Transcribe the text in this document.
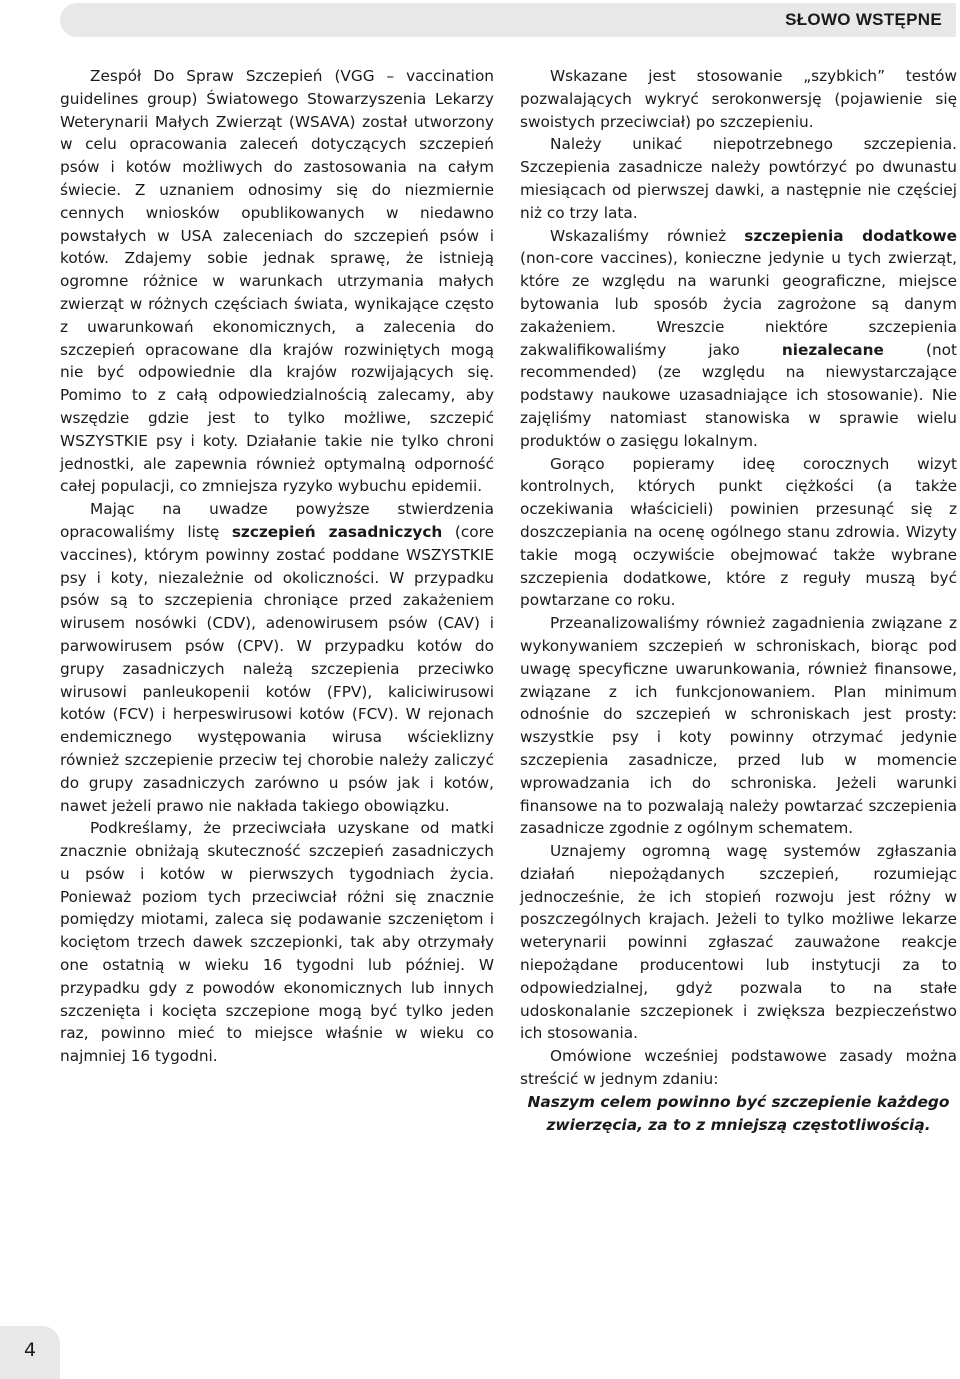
SŁOWO WSTĘPNE

Zespół Do Spraw Szczepień (VGG – vaccination guidelines group) Światowego Stowarzyszenia Lekarzy Weterynarii Małych Zwierząt (WSAVA) został utworzony w celu opracowania zaleceń dotyczących szczepień psów i kotów możliwych do zastosowania na całym świecie. Z uznaniem odnosimy się do niezmiernie cennych wniosków opublikowanych w niedawno powstałych w USA zaleceniach do szczepień psów i kotów. Zdajemy sobie jednak sprawę, że istnieją ogromne różnice w warunkach utrzymania małych zwierząt w różnych częściach świata, wynikające często z uwarunkowań ekonomicznych, a zalecenia do szczepień opracowane dla krajów rozwiniętych mogą nie być odpowiednie dla krajów rozwijających się. Pomimo to z całą odpowiedzialnością zalecamy, aby wszędzie gdzie jest to tylko możliwe, szczepić WSZYSTKIE psy i koty. Działanie takie nie tylko chroni jednostki, ale zapewnia również optymalną odporność całej populacji, co zmniejsza ryzyko wybuchu epidemii.

Mając na uwadze powyższe stwierdzenia opracowaliśmy listę szczepień zasadniczych (core vaccines), którym powinny zostać poddane WSZYSTKIE psy i koty, niezależnie od okoliczności. W przypadku psów są to szczepienia chroniące przed zakażeniem wirusem nosówki (CDV), adenowirusem psów (CAV) i parwowirusem psów (CPV). W przypadku kotów do grupy zasadniczych należą szczepienia przeciwko wirusowi panleukopenii kotów (FPV), kaliciwirusowi kotów (FCV) i herpeswirusowi kotów (FCV). W rejonach endemicznego występowania wirusa wścieklizny również szczepienie przeciw tej chorobie należy zaliczyć do grupy zasadniczych zarówno u psów jak i kotów, nawet jeżeli prawo nie nakłada takiego obowiązku.

Podkreślamy, że przeciwciała uzyskane od matki znacznie obniżają skuteczność szczepień zasadniczych u psów i kotów w pierwszych tygodniach życia. Ponieważ poziom tych przeciwciał różni się znacznie pomiędzy miotami, zaleca się podawanie szczeniętom i kociętom trzech dawek szczepionki, tak aby otrzymały one ostatnią w wieku 16 tygodni lub później. W przypadku gdy z powodów ekonomicznych lub innych szczenięta i kocięta szczepione mogą być tylko jeden raz, powinno mieć to miejsce właśnie w wieku co najmniej 16 tygodni.

Wskazane jest stosowanie „szybkich” testów pozwalających wykryć serokonwersję (pojawienie się swoistych przeciwciał) po szczepieniu.

Należy unikać niepotrzebnego szczepienia. Szczepienia zasadnicze należy powtórzyć po dwunastu miesiącach od pierwszej dawki, a następnie nie częściej niż co trzy lata.

Wskazaliśmy również szczepienia dodatkowe (non-core vaccines), konieczne jedynie u tych zwierząt, które ze względu na warunki geograficzne, miejsce bytowania lub sposób życia zagrożone są danym zakażeniem. Wreszcie niektóre szczepienia zakwalifikowaliśmy jako niezalecane (not recommended) (ze względu na niewystarczające podstawy naukowe uzasadniające ich stosowanie). Nie zajęliśmy natomiast stanowiska w sprawie wielu produktów o zasięgu lokalnym.

Gorąco popieramy ideę corocznych wizyt kontrolnych, których punkt ciężkości (a także oczekiwania właścicieli) powinien przesunąć się z doszczepiania na ocenę ogólnego stanu zdrowia. Wizyty takie mogą oczywiście obejmować także wybrane szczepienia dodatkowe, które z reguły muszą być powtarzane co roku.

Przeanalizowaliśmy również zagadnienia związane z wykonywaniem szczepień w schroniskach, biorąc pod uwagę specyficzne uwarunkowania, również finansowe, związane z ich funkcjonowaniem. Plan minimum odnośnie do szczepień w schroniskach jest prosty: wszystkie psy i koty powinny otrzymać jedynie szczepienia zasadnicze, przed lub w momencie wprowadzania ich do schroniska. Jeżeli warunki finansowe na to pozwalają należy powtarzać szczepienia zasadnicze zgodnie z ogólnym schematem.

Uznajemy ogromną wagę systemów zgłaszania działań niepożądanych szczepień, rozumiejąc jednocześnie, że ich stopień rozwoju jest różny w poszczególnych krajach. Jeżeli to tylko możliwe lekarze weterynarii powinni zgłaszać zauważone reakcje niepożądane producentowi lub instytucji za to odpowiedzialnej, gdyż pozwala to na stałe udoskonalanie szczepionek i zwiększa bezpieczeństwo ich stosowania.

Omówione wcześniej podstawowe zasady można streścić w jednym zdaniu:

Naszym celem powinno być szczepienie każdego zwierzęcia, za to z mniejszą częstotliwością.

4
